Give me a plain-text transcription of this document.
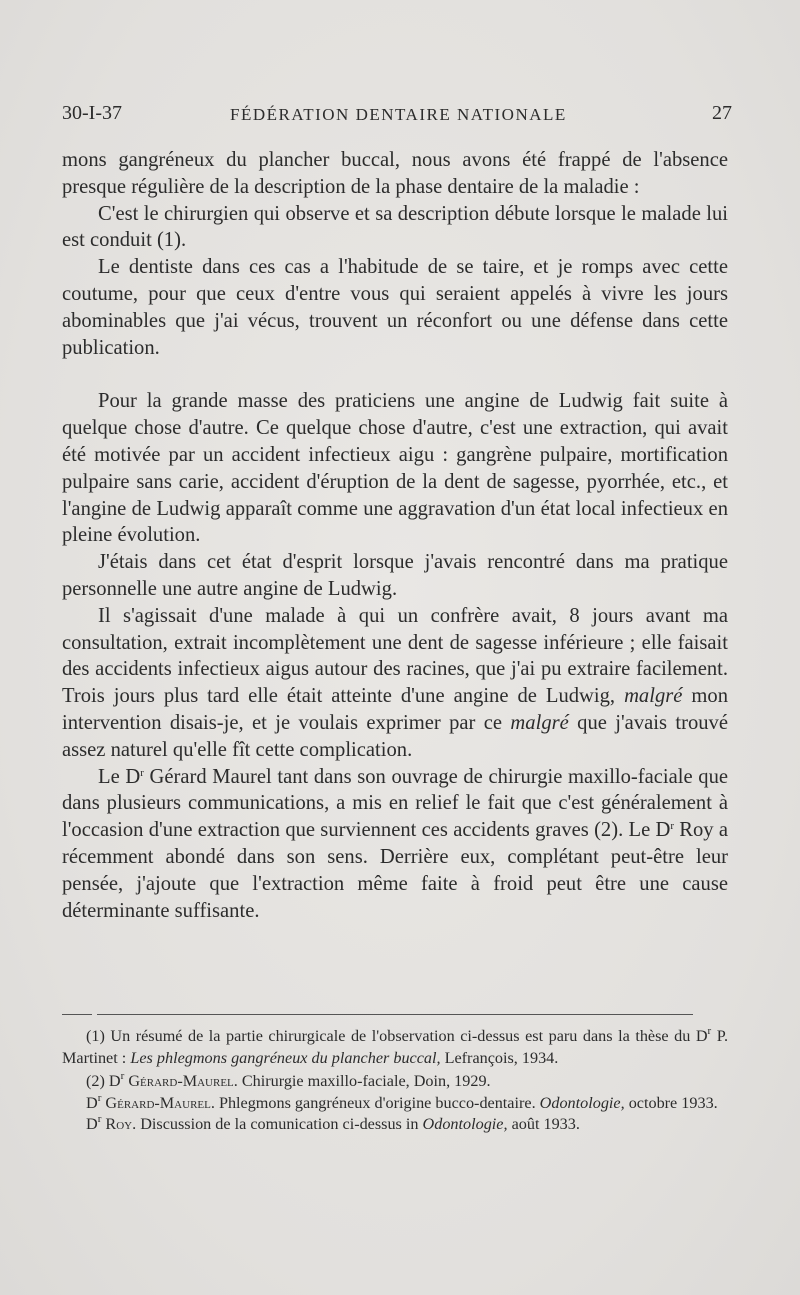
30-I-37	FÉDÉRATION DENTAIRE NATIONALE	27

mons gangréneux du plancher buccal, nous avons été frappé de l'absence presque régulière de la description de la phase dentaire de la maladie :

C'est le chirurgien qui observe et sa description débute lorsque le malade lui est conduit (1).

Le dentiste dans ces cas a l'habitude de se taire, et je romps avec cette coutume, pour que ceux d'entre vous qui seraient appelés à vivre les jours abominables que j'ai vécus, trouvent un réconfort ou une défense dans cette publication.

Pour la grande masse des praticiens une angine de Ludwig fait suite à quelque chose d'autre. Ce quelque chose d'autre, c'est une extraction, qui avait été motivée par un accident infectieux aigu : gangrène pulpaire, mortification pulpaire sans carie, accident d'éruption de la dent de sagesse, pyorrhée, etc., et l'angine de Ludwig apparaît comme une aggravation d'un état local infectieux en pleine évolution.

J'étais dans cet état d'esprit lorsque j'avais rencontré dans ma pratique personnelle une autre angine de Ludwig.

Il s'agissait d'une malade à qui un confrère avait, 8 jours avant ma consultation, extrait incomplètement une dent de sagesse inférieure ; elle faisait des accidents infectieux aigus autour des racines, que j'ai pu extraire facilement. Trois jours plus tard elle était atteinte d'une angine de Ludwig, malgré mon intervention disais-je, et je voulais exprimer par ce malgré que j'avais trouvé assez naturel qu'elle fît cette complication.

Le $D^r$ Gérard Maurel tant dans son ouvrage de chirurgie maxillo-faciale que dans plusieurs communications, a mis en relief le fait que c'est généralement à l'occasion d'une extraction que surviennent ces accidents graves (2). Le $D^r$ Roy a récemment abondé dans son sens. Derrière eux, complétant peut-être leur pensée, j'ajoute que l'extraction même faite à froid peut être une cause déterminante suffisante.

(1) Un résumé de la partie chirurgicale de l'observation ci-dessus est paru dans la thèse du $D^r$ P. Martinet : Les phlegmons gangréneux du plancher buccal, Lefrançois, 1934.

(2) $D^r$ Gérard-Maurel. Chirurgie maxillo-faciale, Doin, 1929.

$D^r$ Gérard-Maurel. Phlegmons gangréneux d'origine bucco-dentaire. Odontologie, octobre 1933.

$D^r$ Roy. Discussion de la comunication ci-dessus in Odontologie, août 1933.
